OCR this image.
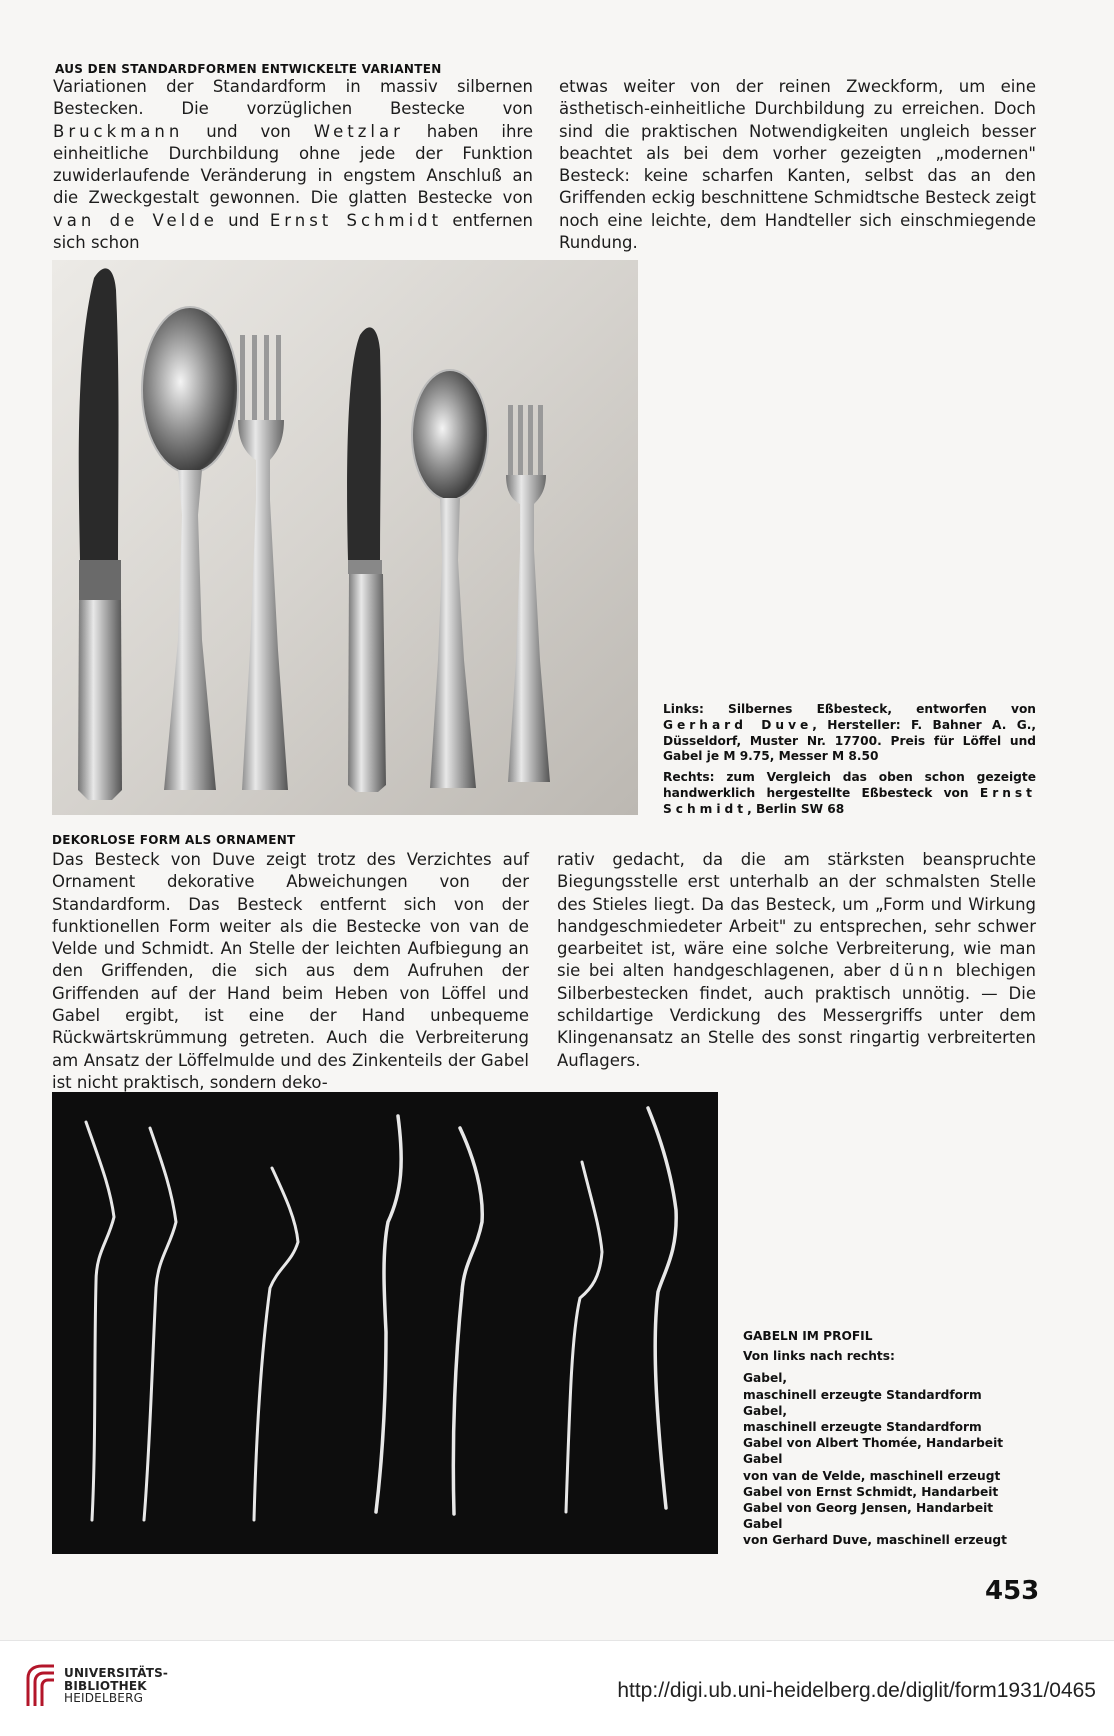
AUS DEN STANDARDFORMEN ENTWICKELTE VARIANTEN

Variationen der Standardform in massiv silbernen Bestecken. Die vorzüglichen Bestecke von Bruckmann und von Wetzlar haben ihre einheitliche Durchbildung ohne jede der Funktion zuwiderlaufende Veränderung in engstem Anschluß an die Zweckgestalt gewonnen. Die glatten Bestecke von van de Velde und Ernst Schmidt entfernen sich schon

etwas weiter von der reinen Zweckform, um eine ästhetisch-einheitliche Durchbildung zu erreichen. Doch sind die praktischen Notwendigkeiten ungleich besser beachtet als bei dem vorher gezeigten „modernen" Besteck: keine scharfen Kanten, selbst das an den Griffenden eckig beschnittene Schmidtsche Besteck zeigt noch eine leichte, dem Handteller sich einschmiegende Rundung.

Links: Silbernes Eßbesteck, entworfen von Gerhard Duve, Hersteller: F. Bahner A. G., Düsseldorf, Muster Nr. 17700. Preis für Löffel und Gabel je M 9.75, Messer M 8.50

Rechts: zum Vergleich das oben schon gezeigte handwerklich hergestellte Eßbesteck von Ernst Schmidt, Berlin SW 68

DEKORLOSE FORM ALS ORNAMENT

Das Besteck von Duve zeigt trotz des Verzichtes auf Ornament dekorative Abweichungen von der Standardform. Das Besteck entfernt sich von der funktionellen Form weiter als die Bestecke von van de Velde und Schmidt. An Stelle der leichten Aufbiegung an den Griffenden, die sich aus dem Aufruhen der Griffenden auf der Hand beim Heben von Löffel und Gabel ergibt, ist eine der Hand unbequeme Rückwärtskrümmung getreten. Auch die Verbreiterung am Ansatz der Löffelmulde und des Zinkenteils der Gabel ist nicht praktisch, sondern deko-

rativ gedacht, da die am stärksten beanspruchte Biegungsstelle erst unterhalb an der schmalsten Stelle des Stieles liegt. Da das Besteck, um „Form und Wirkung handgeschmiedeter Arbeit" zu entsprechen, sehr schwer gearbeitet ist, wäre eine solche Verbreiterung, wie man sie bei alten handgeschlagenen, aber dünn blechigen Silberbestecken findet, auch praktisch unnötig. — Die schildartige Verdickung des Messergriffs unter dem Klingenansatz an Stelle des sonst ringartig verbreiterten Auflagers.

GABELN IM PROFIL
Von links nach rechts:
Gabel,
maschinell erzeugte Standardform
Gabel,
maschinell erzeugte Standardform
Gabel von Albert Thomée, Handarbeit
Gabel
von van de Velde, maschinell erzeugt
Gabel von Ernst Schmidt, Handarbeit
Gabel von Georg Jensen, Handarbeit
Gabel
von Gerhard Duve, maschinell erzeugt
453
UNIVERSITÄTS-
BIBLIOTHEK
HEIDELBERG	http://digi.ub.uni-heidelberg.de/diglit/form1931/0465
